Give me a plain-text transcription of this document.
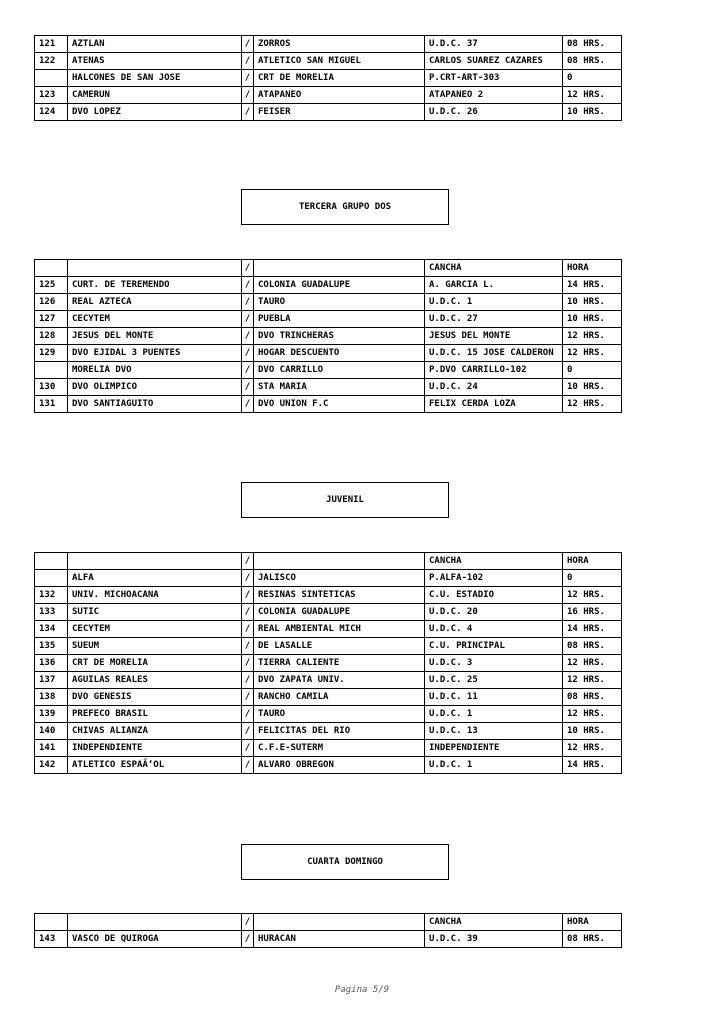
121	AZTLAN	/	ZORROS	U.D.C. 37	08 HRS.
122	ATENAS	/	ATLETICO SAN MIGUEL	CARLOS SUAREZ CAZARES	08 HRS.
	HALCONES DE SAN JOSE	/	CRT DE MORELIA	P.CRT-ART-303	0
123	CAMERUN	/	ATAPANEO	ATAPANEO 2	12 HRS.
124	DVO LOPEZ	/	FEISER	U.D.C. 26	10 HRS.
TERCERA GRUPO DOS
		/		CANCHA	HORA
125	CURT. DE TEREMENDO	/	COLONIA GUADALUPE	A. GARCIA L.	14 HRS.
126	REAL AZTECA	/	TAURO	U.D.C. 1	10 HRS.
127	CECYTEM	/	PUEBLA	U.D.C. 27	10 HRS.
128	JESUS DEL MONTE	/	DVO TRINCHERAS	JESUS DEL MONTE	12 HRS.
129	DVO EJIDAL 3 PUENTES	/	HOGAR DESCUENTO	U.D.C. 15 JOSE CALDERON	12 HRS.
	MORELIA DVO	/	DVO CARRILLO	P.DVO CARRILLO-102	0
130	DVO OLIMPICO	/	STA MARIA	U.D.C. 24	10 HRS.
131	DVO SANTIAGUITO	/	DVO UNION F.C	FELIX CERDA LOZA	12 HRS.
JUVENIL
		/		CANCHA	HORA
	ALFA	/	JALISCO	P.ALFA-102	0
132	UNIV. MICHOACANA	/	RESINAS SINTETICAS	C.U. ESTADIO	12 HRS.
133	SUTIC	/	COLONIA GUADALUPE	U.D.C. 20	16 HRS.
134	CECYTEM	/	REAL AMBIENTAL MICH	U.D.C. 4	14 HRS.
135	SUEUM	/	DE LASALLE	C.U. PRINCIPAL	08 HRS.
136	CRT DE MORELIA	/	TIERRA CALIENTE	U.D.C. 3	12 HRS.
137	AGUILAS REALES	/	DVO ZAPATA UNIV.	U.D.C. 25	12 HRS.
138	DVO GENESIS	/	RANCHO CAMILA	U.D.C. 11	08 HRS.
139	PREFECO BRASIL	/	TAURO	U.D.C. 1	12 HRS.
140	CHIVAS ALIANZA	/	FELICITAS DEL RIO	U.D.C. 13	10 HRS.
141	INDEPENDIENTE	/	C.F.E-SUTERM	INDEPENDIENTE	12 HRS.
142	ATLETICO ESPAÃ‘OL	/	ALVARO OBREGON	U.D.C. 1	14 HRS.
CUARTA DOMINGO
		/		CANCHA	HORA
143	VASCO DE QUIROGA	/	HURACAN	U.D.C. 39	08 HRS.
Pagina 5/9
